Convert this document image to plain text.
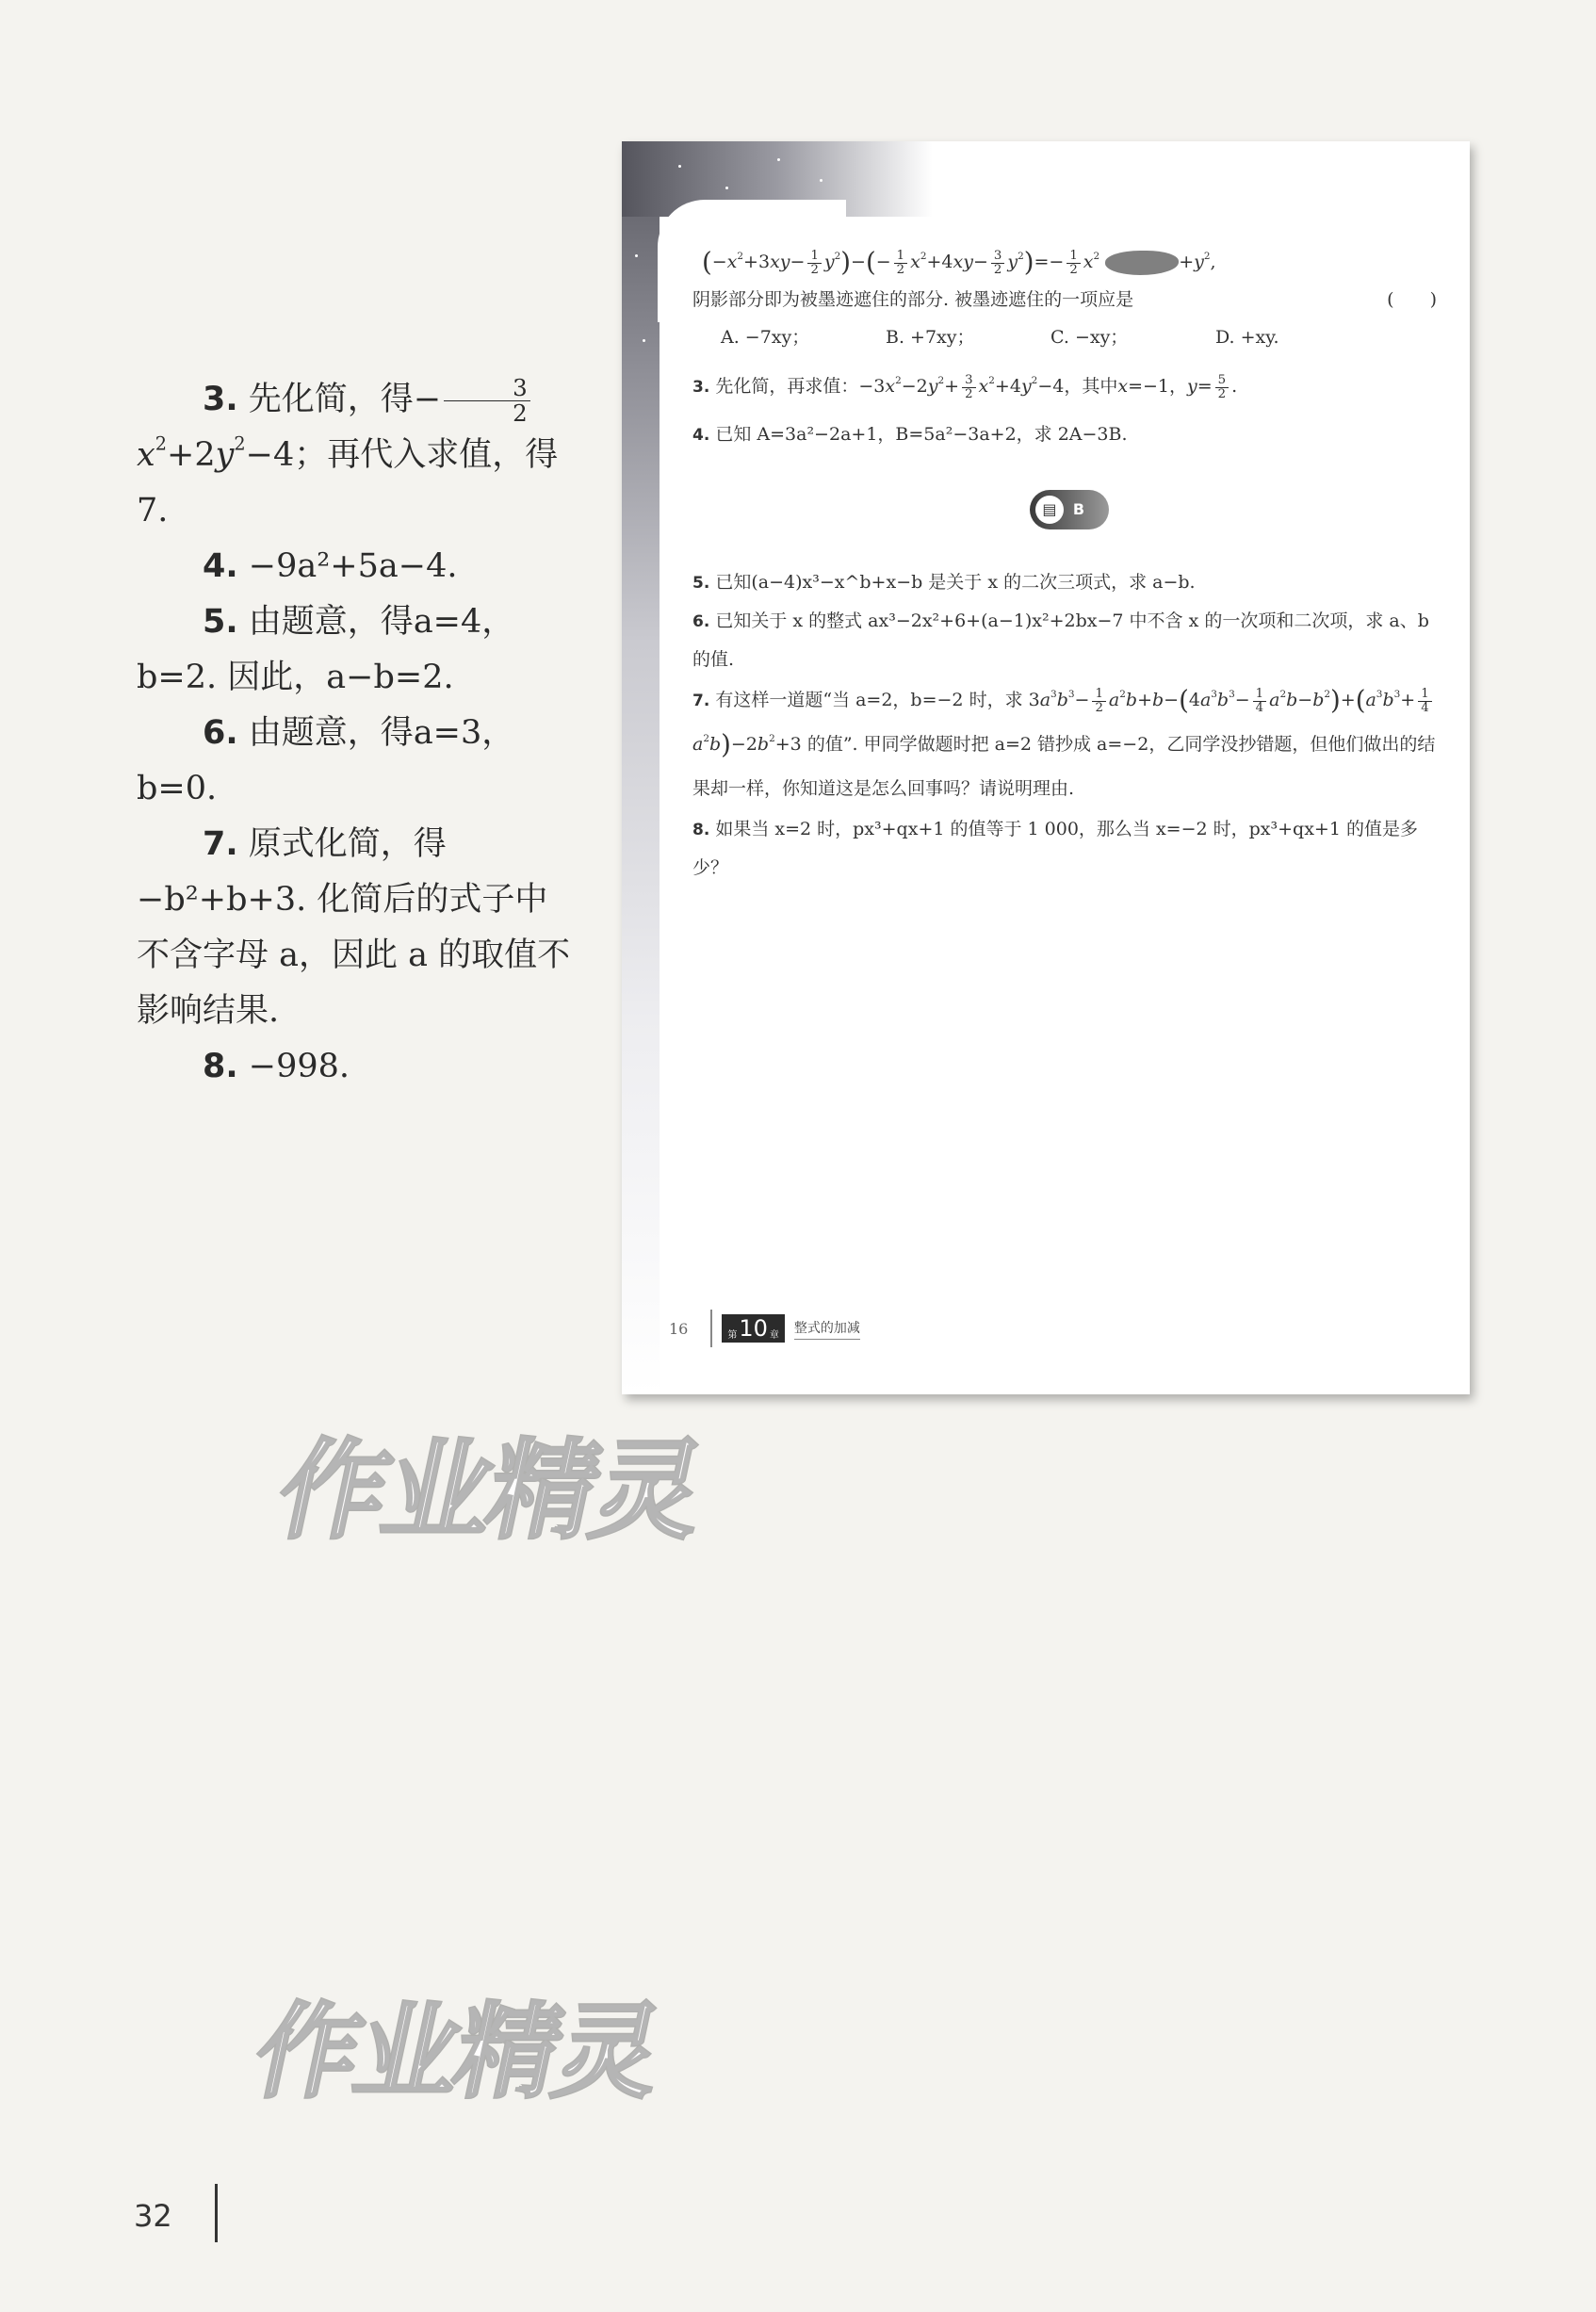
3. 先化简，得− $\frac{3}{2}$
$x^2+2y^2-4$；再代入求值，得7.

4. −9a²+5a−4.

5. 由题意，得a=4，b=2. 因此，a−b=2.

6. 由题意，得a=3，b=0.

7. 原式化简，得−b²+b+3. 化简后的式子中不含字母 a，因此 a 的取值不影响结果.

8. −998.

$(-x^2+3xy- \frac{1}{2} y^2)-(- \frac{1}{2} x^2+4xy- \frac{3}{2} y^2)=- \frac{1}{2} x^2$	$+y^2$,

阴影部分即为被墨迹遮住的部分. 被墨迹遮住的一项应是	(　　)

A. −7xy；	B. +7xy；	C. −xy；	D. +xy.

3. 先化简，再求值：$-3x^2-2y^2+ \frac{3}{2} x^2+4y^2-4$，其中x=−1，$y= \frac{5}{2}$ .

4. 已知 A=3a²−2a+1，B=5a²−3a+2，求 2A−3B.

▤	B

5. 已知(a−4)x³−x^b+x−b 是关于 x 的二次三项式，求 a−b.

6. 已知关于 x 的整式 ax³−2x²+6+(a−1)x²+2bx−7 中不含 x 的一次项和二次项，求 a、b 的值.

7. 有这样一道题“当 a=2，b=−2 时，求 $3a^3b^3- \frac{1}{2} a^2b+b-(4a^3b^3- \frac{1}{4} a^2b-b^2)+(a^3b^3+ \frac{1}{4}$
$a^2b)-2b^2+3$ 的值”. 甲同学做题时把 a=2 错抄成 a=−2，乙同学没抄错题，但他们做出的结果却一样，你知道这是怎么回事吗？请说明理由.

8. 如果当 x=2 时，px³+qx+1 的值等于 1 000，那么当 x=−2 时，px³+qx+1 的值是多少？

16	第 10 章 整式的加减
作业精灵
作业精灵
32
